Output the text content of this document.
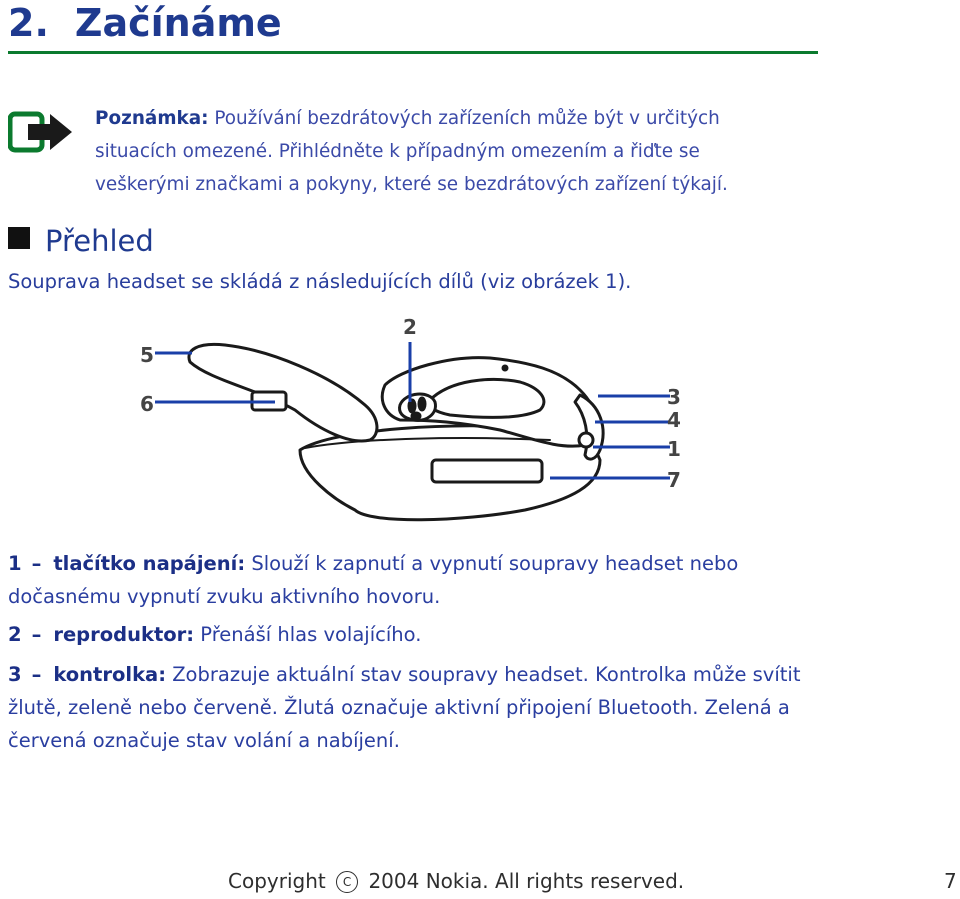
2. Začínáme
Poznámka: Používání bezdrátových zařízeních může být v určitých situacích omezené. Přihlédněte k případným omezením a řiďte se veškerými značkami a pokyny, které se bezdrátových zařízení týkají.
Přehled
Souprava headset se skládá z následujících dílů (viz obrázek 1).
5
6
2
3
4
1
7
1 – tlačítko napájení: Slouží k zapnutí a vypnutí soupravy headset nebo dočasnému vypnutí zvuku aktivního hovoru.
2 – reproduktor: Přenáší hlas volajícího.
3 – kontrolka: Zobrazuje aktuální stav soupravy headset. Kontrolka může svítit žlutě, zeleně nebo červeně. Žlutá označuje aktivní připojení Bluetooth. Zelená a červená označuje stav volání a nabíjení.
Copyright C 2004 Nokia. All rights reserved.	7
